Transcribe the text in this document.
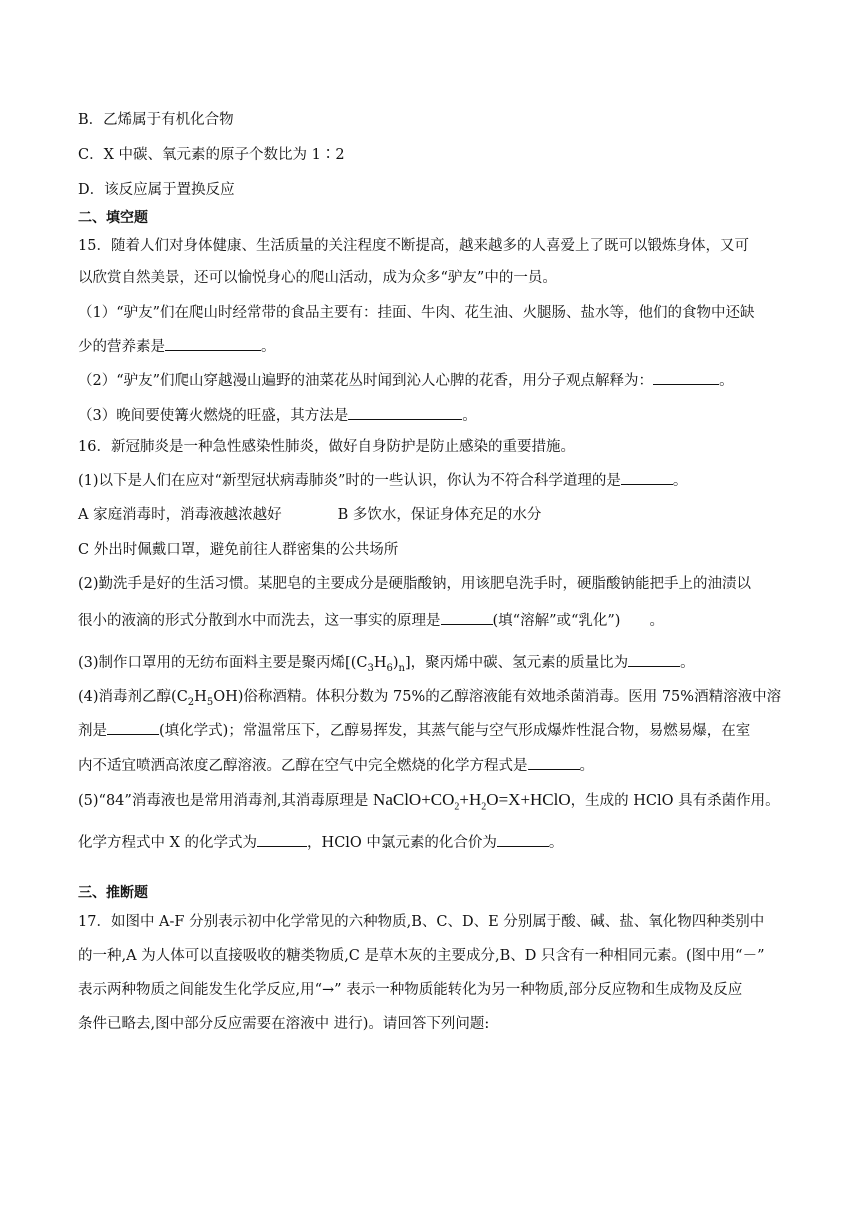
B．乙烯属于有机化合物
C．X 中碳、氧元素的原子个数比为 1∶2
D．该反应属于置换反应
二、填空题
15．随着人们对身体健康、生活质量的关注程度不断提高，越来越多的人喜爱上了既可以锻炼身体，又可
以欣赏自然美景，还可以愉悦身心的爬山活动，成为众多“驴友”中的一员。
（1）“驴友”们在爬山时经常带的食品主要有：挂面、牛肉、花生油、火腿肠、盐水等，他们的食物中还缺
少的营养素是	。
（2）“驴友”们爬山穿越漫山遍野的油菜花丛时闻到沁人心脾的花香，用分子观点解释为：	。
（3）晚间要使篝火燃烧的旺盛，其方法是	。
16．新冠肺炎是一种急性感染性肺炎，做好自身防护是防止感染的重要措施。
(1)以下是人们在应对“新型冠状病毒肺炎”时的一些认识，你认为不符合科学道理的是	。
A 家庭消毒时，消毒液越浓越好	B 多饮水，保证身体充足的水分
C 外出时佩戴口罩，避免前往人群密集的公共场所
(2)勤洗手是好的生活习惯。某肥皂的主要成分是硬脂酸钠，用该肥皂洗手时，硬脂酸钠能把手上的油渍以
很小的液滴的形式分散到水中而洗去，这一事实的原理是	(填“溶解”或“乳化”)　　。
(3)制作口罩用的无纺布面料主要是聚丙烯$[(C_3H_6)_n]$，聚丙烯中碳、氢元素的质量比为	。
(4)消毒剂乙醇$(C_2H_5OH)$俗称酒精。体积分数为 75%的乙醇溶液能有效地杀菌消毒。医用 75%酒精溶液中溶
剂是	(填化学式)；常温常压下，乙醇易挥发，其蒸气能与空气形成爆炸性混合物，易燃易爆，在室
内不适宜喷洒高浓度乙醇溶液。乙醇在空气中完全燃烧的化学方程式是	。
(5)“84”消毒液也是常用消毒剂,其消毒原理是 $NaClO+CO_2+H_2O=X+HClO$，生成的 HClO 具有杀菌作用。
化学方程式中 X 的化学式为	，HClO 中氯元素的化合价为	。
三、推断题
17．如图中 A-F 分别表示初中化学常见的六种物质,B、C、D、E 分别属于酸、碱、盐、氧化物四种类别中
的一种,A 为人体可以直接吸收的糖类物质,C 是草木灰的主要成分,B、D 只含有一种相同元素。(图中用“－”
表示两种物质之间能发生化学反应,用“→” 表示一种物质能转化为另一种物质,部分反应物和生成物及反应
条件已略去,图中部分反应需要在溶液中 进行)。请回答下列问题:
